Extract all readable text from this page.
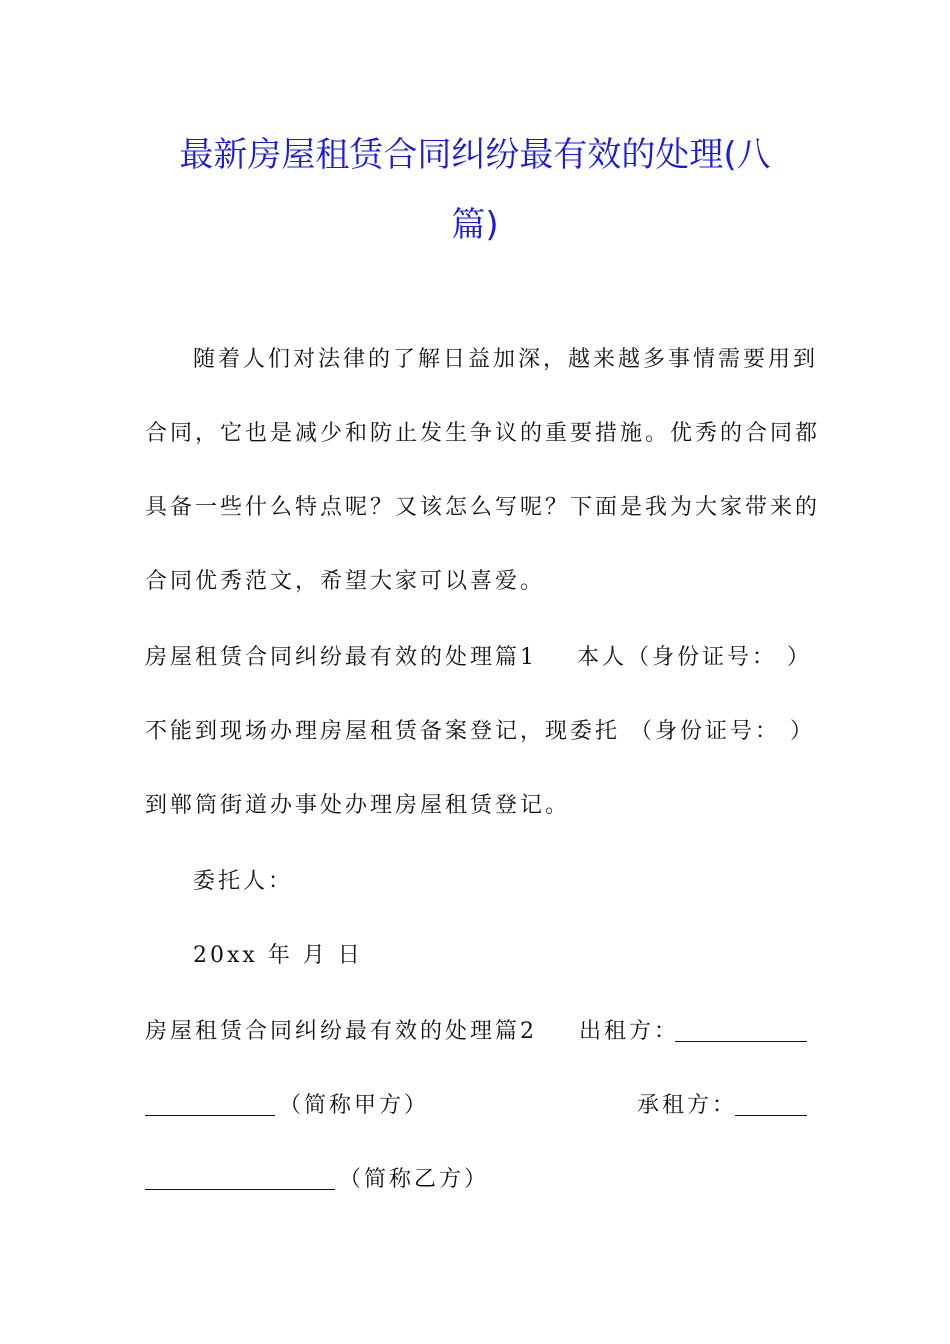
最新房屋租赁合同纠纷最有效的处理(八
篇)
随着人们对法律的了解日益加深，越来越多事情需要用到
合同，它也是减少和防止发生争议的重要措施。优秀的合同都
具备一些什么特点呢？又该怎么写呢？下面是我为大家带来的
合同优秀范文，希望大家可以喜爱。
房屋租赁合同纠纷最有效的处理篇1 本人（身份证号： ）
不能到现场办理房屋租赁备案登记，现委托 （身份证号： ）
到郸筒街道办事处办理房屋租赁登记。
委托人：
20xx 年 月 日
房屋租赁合同纠纷最有效的处理篇2 出租方：
（简称甲方）	承租方：
（简称乙方）
